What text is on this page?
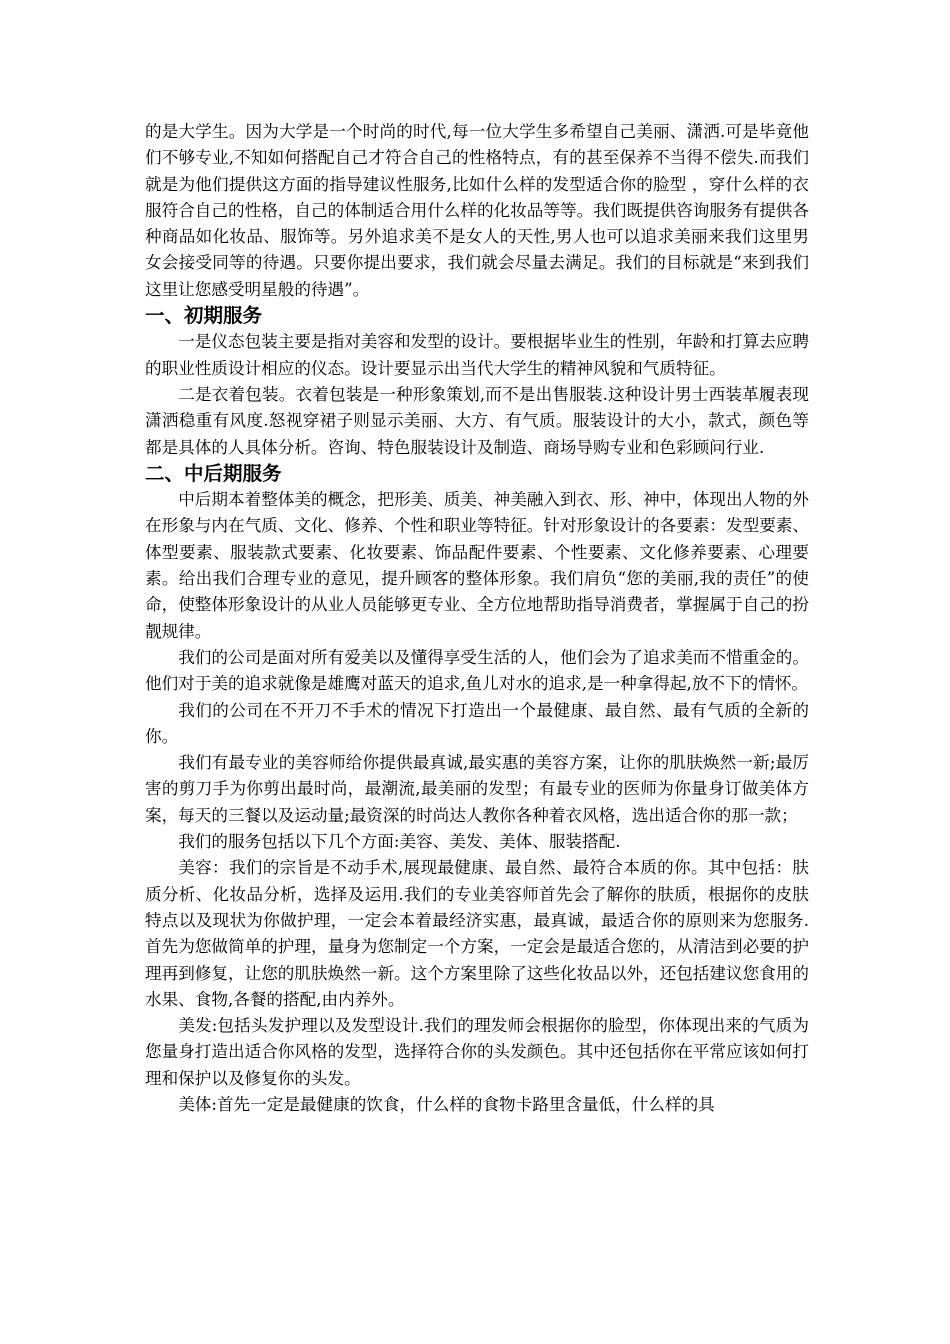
的是大学生。因为大学是一个时尚的时代,每一位大学生多希望自己美丽、潇洒.可是毕竟他们不够专业,不知如何搭配自己才符合自己的性格特点，有的甚至保养不当得不偿失.而我们就是为他们提供这方面的指导建议性服务,比如什么样的发型适合你的脸型 ，穿什么样的衣服符合自己的性格，自己的体制适合用什么样的化妆品等等。我们既提供咨询服务有提供各种商品如化妆品、服饰等。另外追求美不是女人的天性,男人也可以追求美丽来我们这里男女会接受同等的待遇。只要你提出要求，我们就会尽量去满足。我们的目标就是“来到我们这里让您感受明星般的待遇”。

一、初期服务

一是仪态包装主要是指对美容和发型的设计。要根据毕业生的性别，年龄和打算去应聘的职业性质设计相应的仪态。设计要显示出当代大学生的精神风貌和气质特征。

二是衣着包装。衣着包装是一种形象策划,而不是出售服装.这种设计男士西装革履表现潇洒稳重有风度.怒视穿裙子则显示美丽、大方、有气质。服装设计的大小，款式，颜色等都是具体的人具体分析。咨询、特色服装设计及制造、商场导购专业和色彩顾问行业.

二、中后期服务

中后期本着整体美的概念，把形美、质美、神美融入到衣、形、神中，体现出人物的外在形象与内在气质、文化、修养、个性和职业等特征。针对形象设计的各要素：发型要素、体型要素、服装款式要素、化妆要素、饰品配件要素、个性要素、文化修养要素、心理要素。给出我们合理专业的意见，提升顾客的整体形象。我们肩负“您的美丽,我的责任”的使命，使整体形象设计的从业人员能够更专业、全方位地帮助指导消费者，掌握属于自己的扮靓规律。

我们的公司是面对所有爱美以及懂得享受生活的人，他们会为了追求美而不惜重金的。他们对于美的追求就像是雄鹰对蓝天的追求,鱼儿对水的追求,是一种拿得起,放不下的情怀。

我们的公司在不开刀不手术的情况下打造出一个最健康、最自然、最有气质的全新的你。

我们有最专业的美容师给你提供最真诚,最实惠的美容方案，让你的肌肤焕然一新;最厉害的剪刀手为你剪出最时尚，最潮流,最美丽的发型；有最专业的医师为你量身订做美体方案，每天的三餐以及运动量;最资深的时尚达人教你各种着衣风格，选出适合你的那一款；

我们的服务包括以下几个方面:美容、美发、美体、服装搭配.

美容：我们的宗旨是不动手术,展现最健康、最自然、最符合本质的你。其中包括：肤质分析、化妆品分析，选择及运用.我们的专业美容师首先会了解你的肤质，根据你的皮肤特点以及现状为你做护理，一定会本着最经济实惠，最真诚，最适合你的原则来为您服务.首先为您做简单的护理，量身为您制定一个方案，一定会是最适合您的，从清洁到必要的护理再到修复，让您的肌肤焕然一新。这个方案里除了这些化妆品以外，还包括建议您食用的水果、食物,各餐的搭配,由内养外。

美发:包括头发护理以及发型设计.我们的理发师会根据你的脸型，你体现出来的气质为您量身打造出适合你风格的发型，选择符合你的头发颜色。其中还包括你在平常应该如何打理和保护以及修复你的头发。

美体:首先一定是最健康的饮食，什么样的食物卡路里含量低，什么样的具
